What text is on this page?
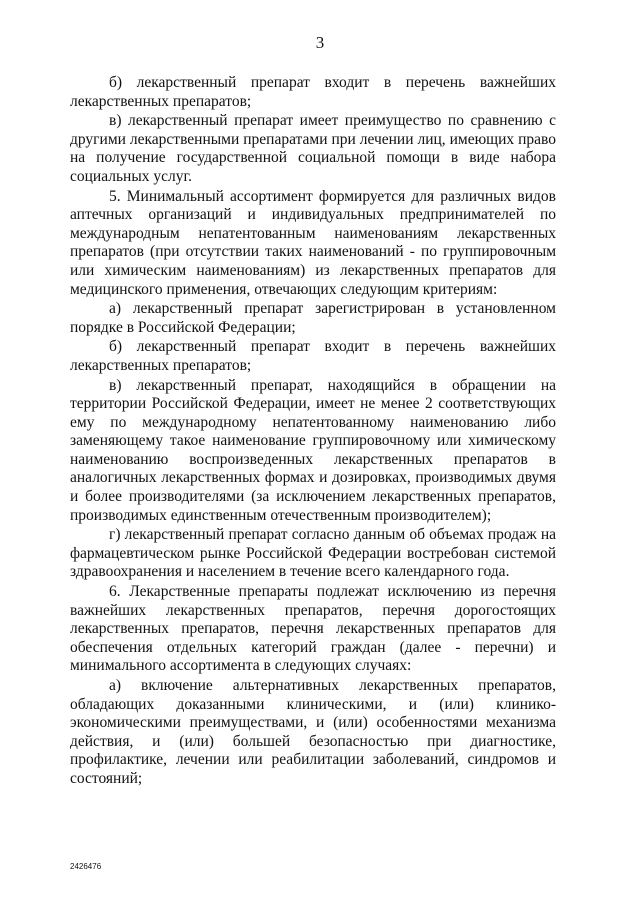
3

б) лекарственный препарат входит в перечень важнейших лекарственных препаратов;

в) лекарственный препарат имеет преимущество по сравнению с другими лекарственными препаратами при лечении лиц, имеющих право на получение государственной социальной помощи в виде набора социальных услуг.

5. Минимальный ассортимент формируется для различных видов аптечных организаций и индивидуальных предпринимателей по международным непатентованным наименованиям лекарственных препаратов (при отсутствии таких наименований - по группировочным или химическим наименованиям) из лекарственных препаратов для медицинского применения, отвечающих следующим критериям:

а) лекарственный препарат зарегистрирован в установленном порядке в Российской Федерации;

б) лекарственный препарат входит в перечень важнейших лекарственных препаратов;

в) лекарственный препарат, находящийся в обращении на территории Российской Федерации, имеет не менее 2 соответствующих ему по международному непатентованному наименованию либо заменяющему такое наименование группировочному или химическому наименованию воспроизведенных лекарственных препаратов в аналогичных лекарственных формах и дозировках, производимых двумя и более производителями (за исключением лекарственных препаратов, производимых единственным отечественным производителем);

г) лекарственный препарат согласно данным об объемах продаж на фармацевтическом рынке Российской Федерации востребован системой здравоохранения и населением в течение всего календарного года.

6. Лекарственные препараты подлежат исключению из перечня важнейших лекарственных препаратов, перечня дорогостоящих лекарственных препаратов, перечня лекарственных препаратов для обеспечения отдельных категорий граждан (далее - перечни) и минимального ассортимента в следующих случаях:

а) включение альтернативных лекарственных препаратов, обладающих доказанными клиническими, и (или) клинико-экономическими преимуществами, и (или) особенностями механизма действия, и (или) большей безопасностью при диагностике, профилактике, лечении или реабилитации заболеваний, синдромов и состояний;

2426476
